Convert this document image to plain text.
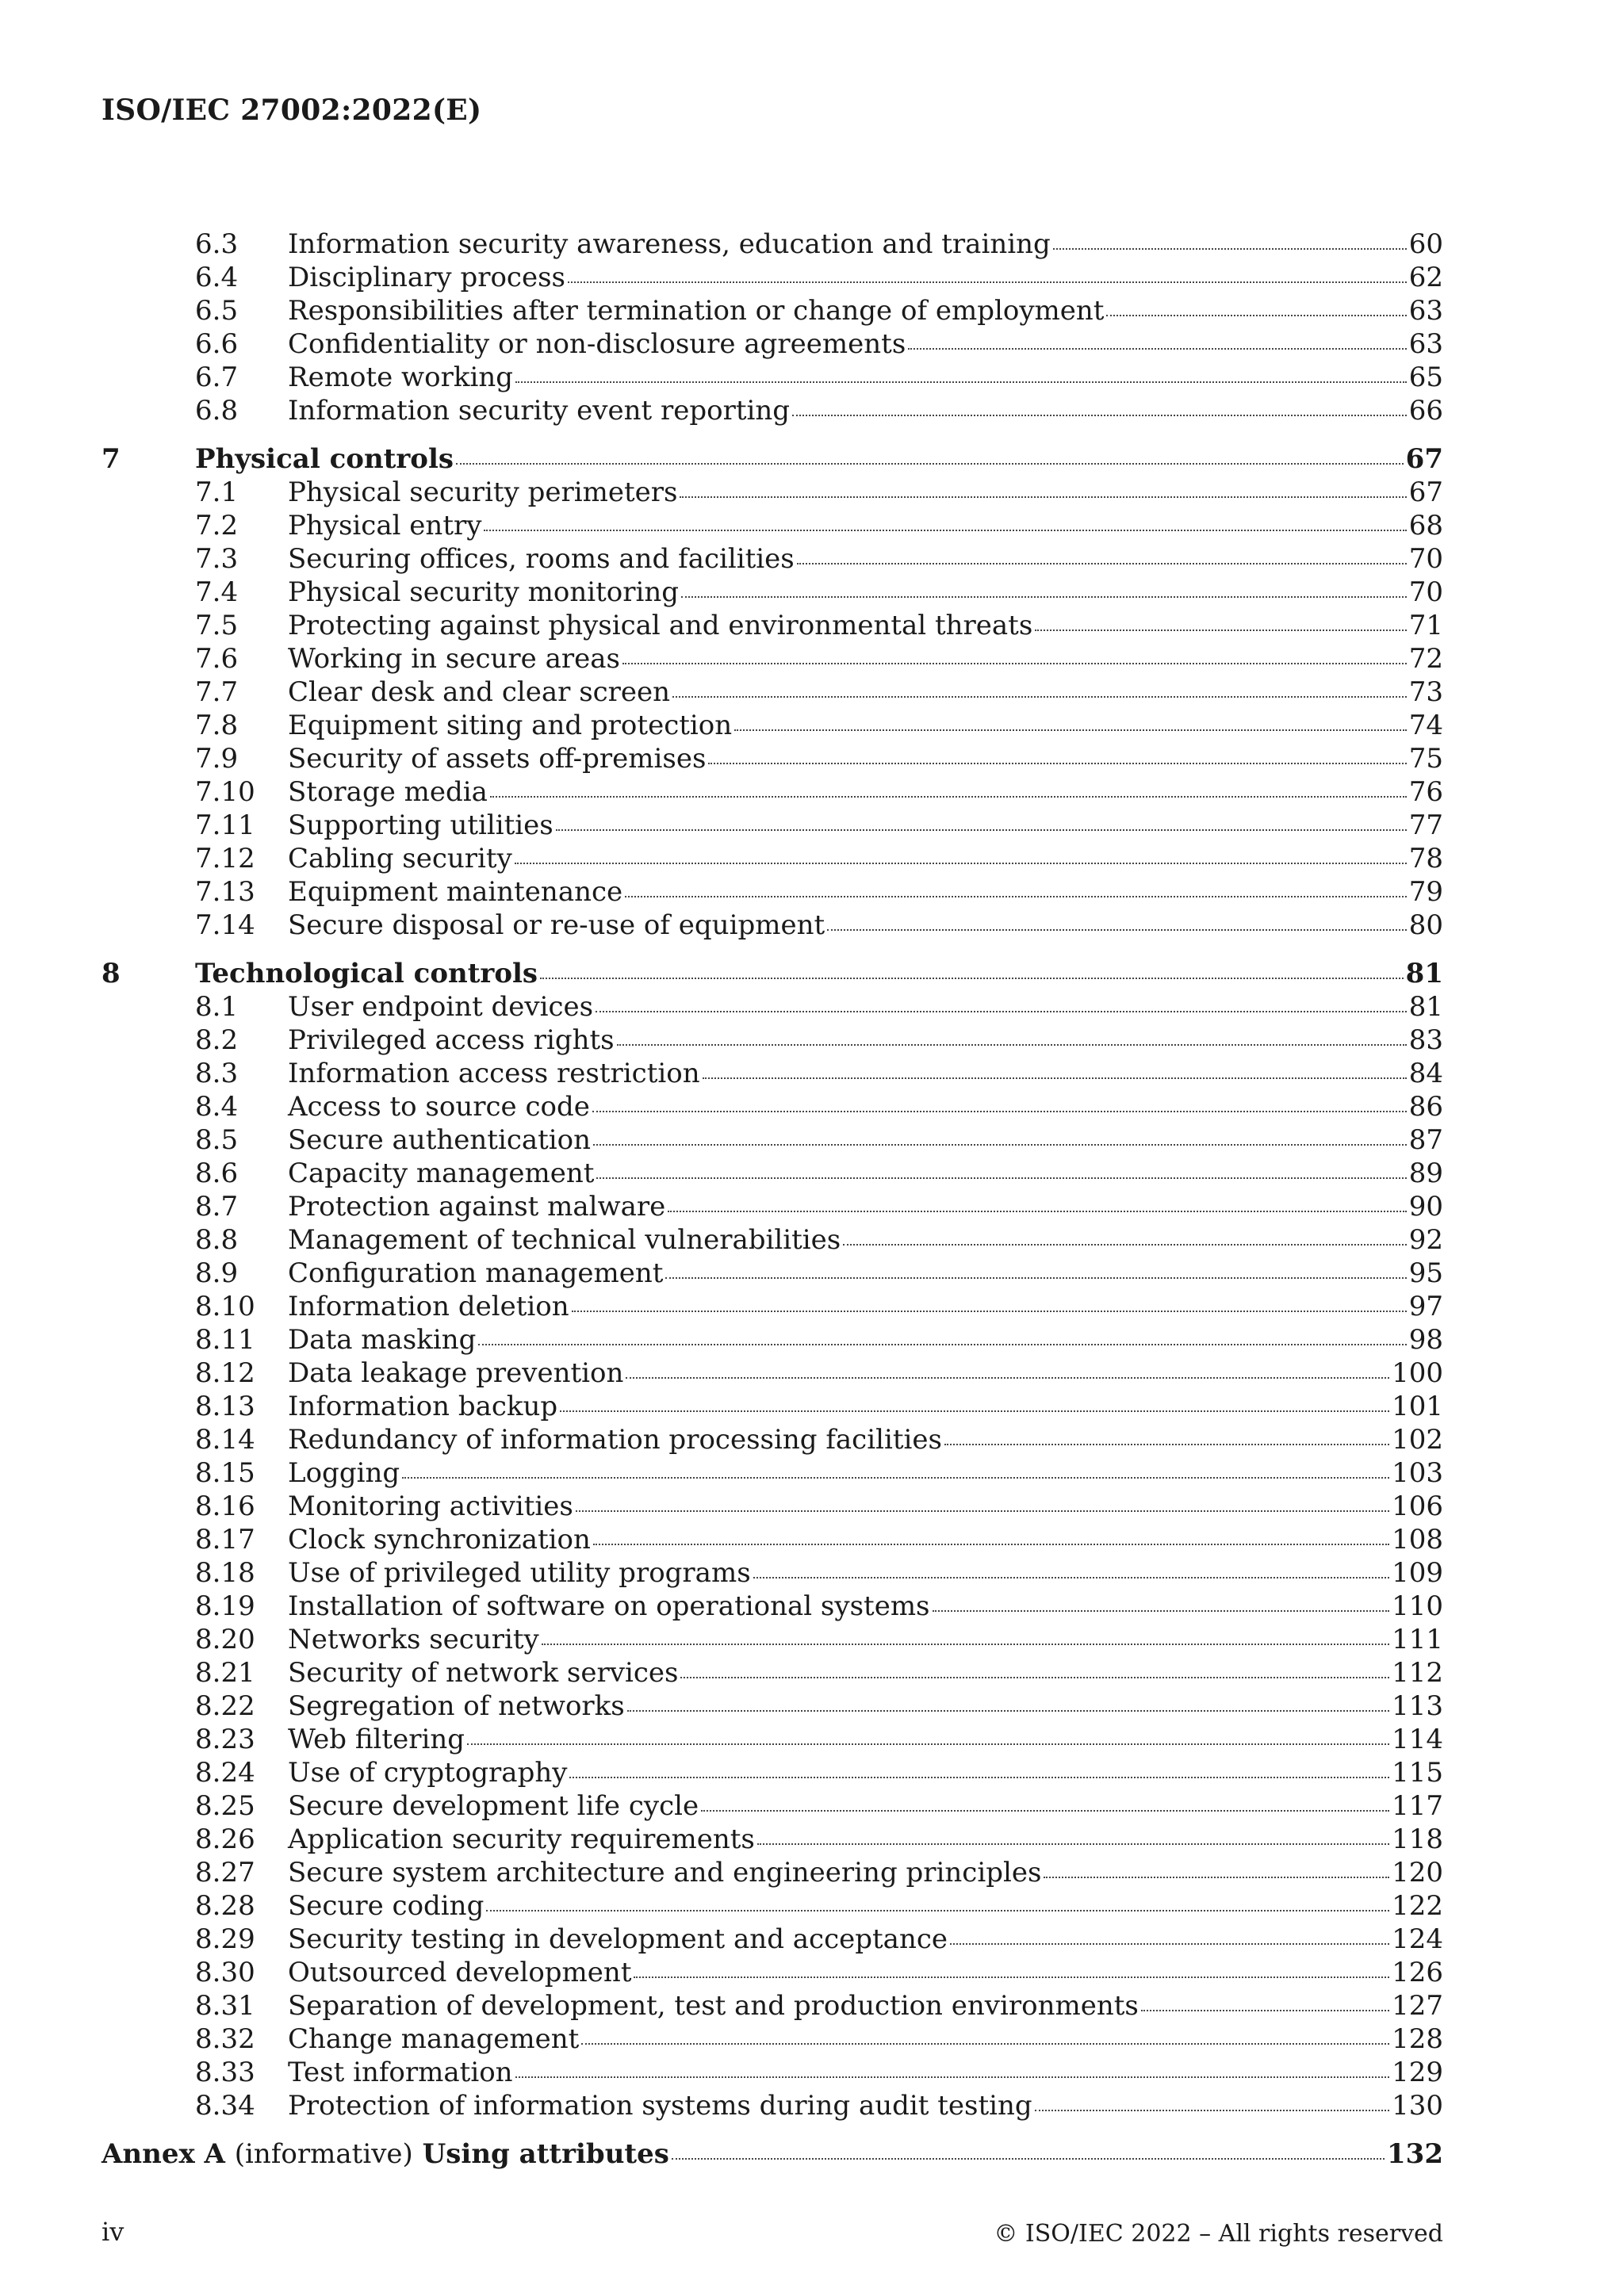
ISO/IEC 27002:2022(E)
6.3	Information security awareness, education and training	60
6.4	Disciplinary process	62
6.5	Responsibilities after termination or change of employment	63
6.6	Confidentiality or non-disclosure agreements	63
6.7	Remote working	65
6.8	Information security event reporting	66
7	Physical controls	67
7.1	Physical security perimeters	67
7.2	Physical entry	68
7.3	Securing offices, rooms and facilities	70
7.4	Physical security monitoring	70
7.5	Protecting against physical and environmental threats	71
7.6	Working in secure areas	72
7.7	Clear desk and clear screen	73
7.8	Equipment siting and protection	74
7.9	Security of assets off-premises	75
7.10	Storage media	76
7.11	Supporting utilities	77
7.12	Cabling security	78
7.13	Equipment maintenance	79
7.14	Secure disposal or re-use of equipment	80
8	Technological controls	81
8.1	User endpoint devices	81
8.2	Privileged access rights	83
8.3	Information access restriction	84
8.4	Access to source code	86
8.5	Secure authentication	87
8.6	Capacity management	89
8.7	Protection against malware	90
8.8	Management of technical vulnerabilities	92
8.9	Configuration management	95
8.10	Information deletion	97
8.11	Data masking	98
8.12	Data leakage prevention	100
8.13	Information backup	101
8.14	Redundancy of information processing facilities	102
8.15	Logging	103
8.16	Monitoring activities	106
8.17	Clock synchronization	108
8.18	Use of privileged utility programs	109
8.19	Installation of software on operational systems	110
8.20	Networks security	111
8.21	Security of network services	112
8.22	Segregation of networks	113
8.23	Web filtering	114
8.24	Use of cryptography	115
8.25	Secure development life cycle	117
8.26	Application security requirements	118
8.27	Secure system architecture and engineering principles	120
8.28	Secure coding	122
8.29	Security testing in development and acceptance	124
8.30	Outsourced development	126
8.31	Separation of development, test and production environments	127
8.32	Change management	128
8.33	Test information	129
8.34	Protection of information systems during audit testing	130
Annex A (informative) Using attributes	132
iv	© ISO/IEC 2022 – All rights reserved
